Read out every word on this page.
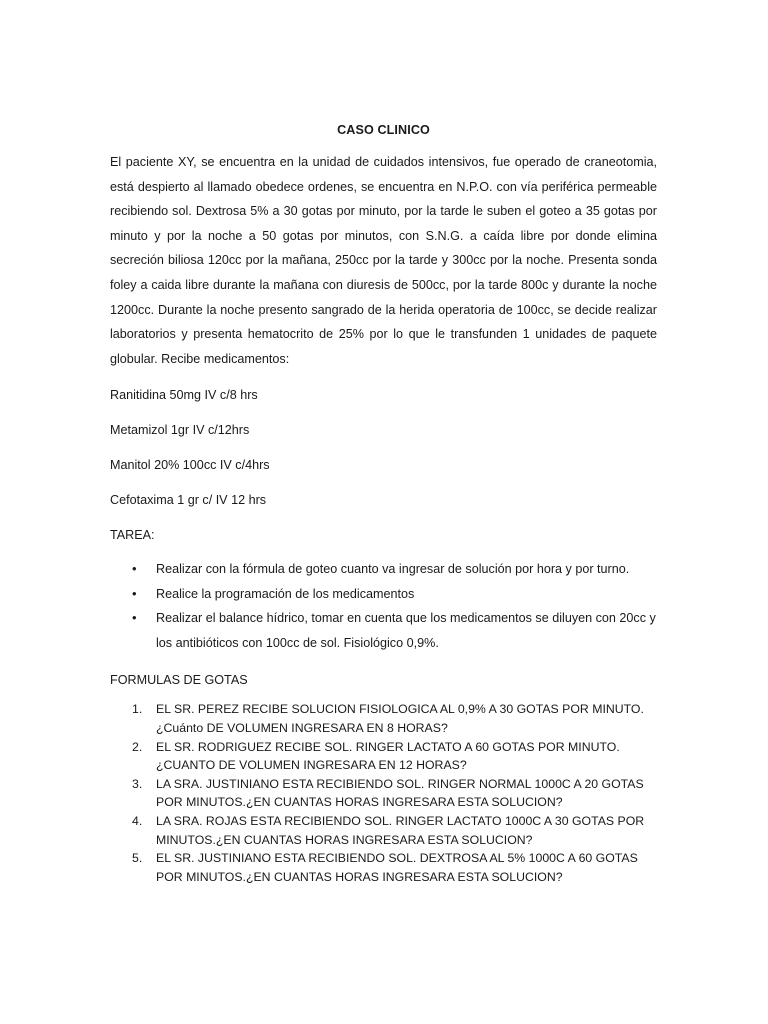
CASO CLINICO

El paciente XY, se encuentra en la unidad de cuidados intensivos, fue operado de craneotomia, está despierto al llamado obedece ordenes, se encuentra en N.P.O. con vía periférica permeable recibiendo sol. Dextrosa 5% a 30 gotas por minuto, por la tarde le suben el goteo a 35 gotas por minuto y por la noche a 50 gotas por minutos, con S.N.G. a caída libre por donde elimina secreción biliosa 120cc por la mañana, 250cc por la tarde y 300cc por la noche. Presenta sonda foley a caida libre durante la mañana con diuresis de 500cc, por la tarde 800c y durante la noche 1200cc. Durante la noche presento sangrado de la herida operatoria de 100cc, se decide realizar laboratorios y presenta hematocrito de 25% por lo que le transfunden 1 unidades de paquete globular. Recibe medicamentos:

Ranitidina 50mg IV c/8 hrs

Metamizol 1gr IV c/12hrs

Manitol 20% 100cc IV c/4hrs

Cefotaxima 1 gr c/ IV 12 hrs

TAREA:

• Realizar con la fórmula de goteo cuanto va ingresar de solución por hora y por turno.
• Realice la programación de los medicamentos
• Realizar el balance hídrico, tomar en cuenta que los medicamentos se diluyen con 20cc y los antibióticos con 100cc de sol. Fisiológico 0,9%.

FORMULAS DE GOTAS

1. EL SR. PEREZ RECIBE SOLUCION FISIOLOGICA AL 0,9% A 30 GOTAS POR MINUTO. ¿Cuánto DE VOLUMEN INGRESARA EN 8 HORAS?
2. EL SR. RODRIGUEZ RECIBE SOL. RINGER LACTATO A 60 GOTAS POR MINUTO.¿CUANTO DE VOLUMEN INGRESARA EN 12 HORAS?
3. LA SRA. JUSTINIANO ESTA RECIBIENDO SOL. RINGER NORMAL 1000C A 20 GOTAS POR MINUTOS.¿EN CUANTAS HORAS INGRESARA ESTA SOLUCION?
4. LA SRA. ROJAS ESTA RECIBIENDO SOL. RINGER LACTATO 1000C A 30 GOTAS POR MINUTOS.¿EN CUANTAS HORAS INGRESARA ESTA SOLUCION?
5. EL SR. JUSTINIANO ESTA RECIBIENDO SOL. DEXTROSA AL 5% 1000C A 60 GOTAS POR MINUTOS.¿EN CUANTAS HORAS INGRESARA ESTA SOLUCION?
